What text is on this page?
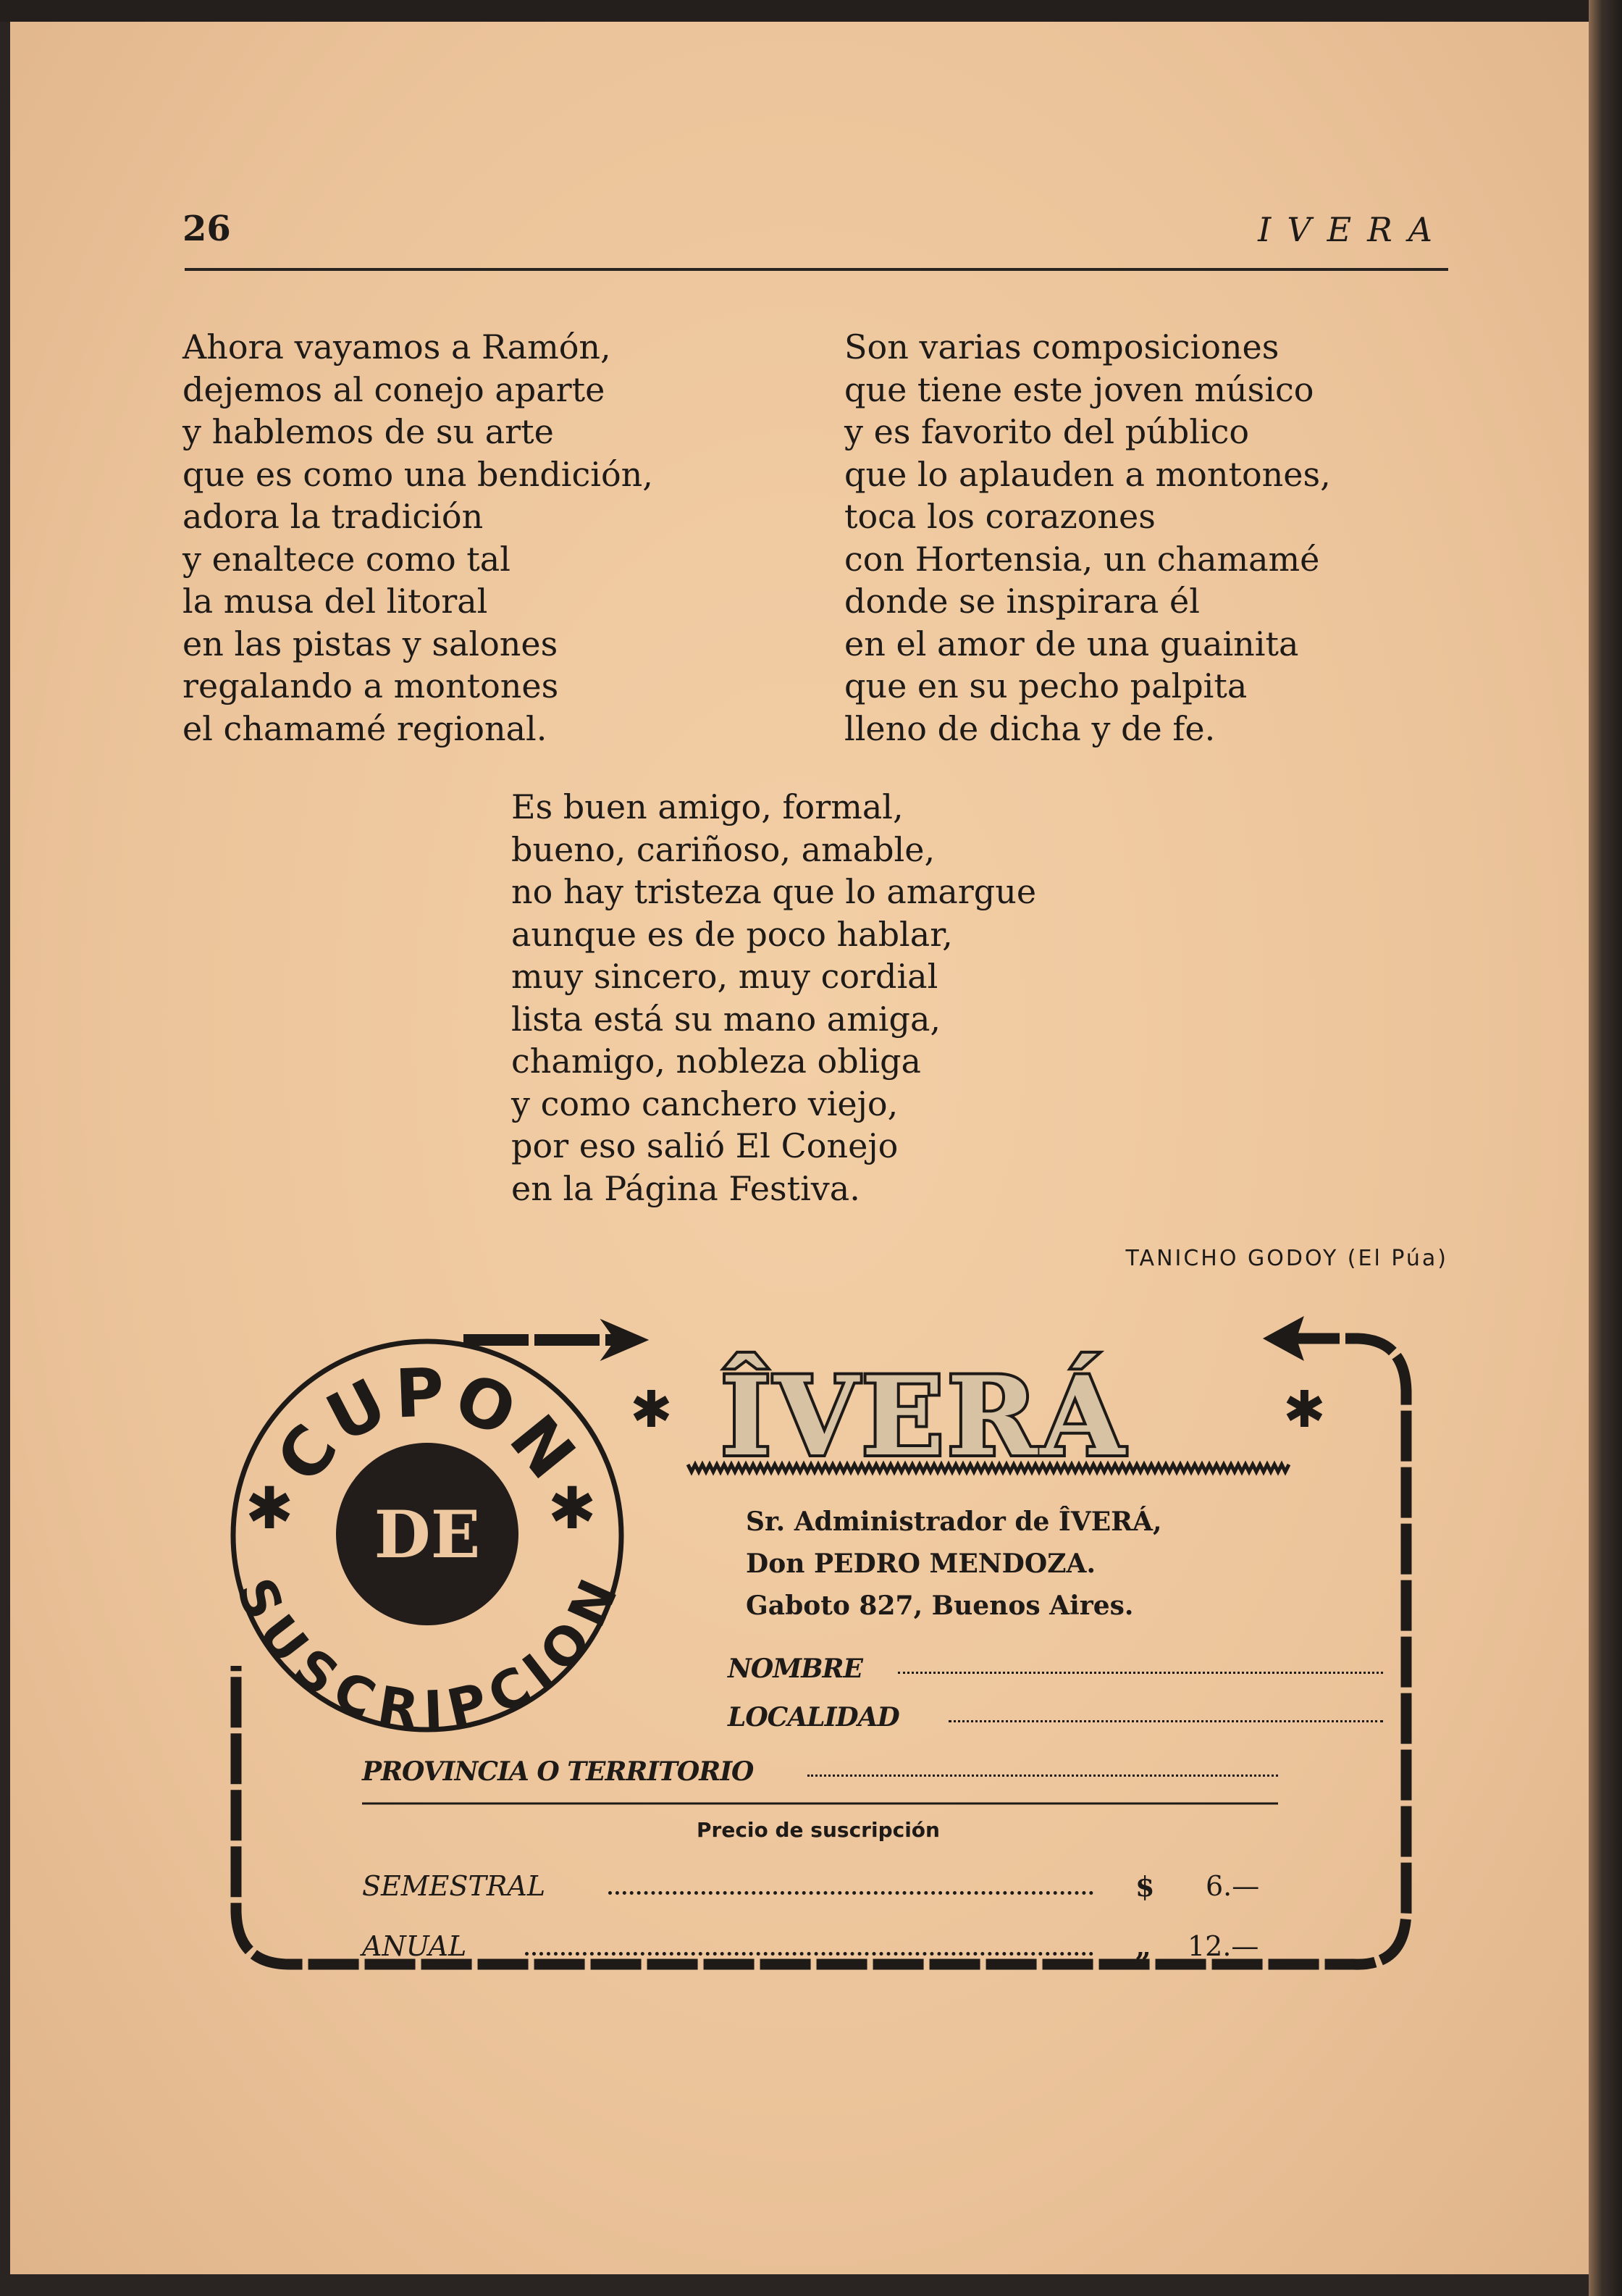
26	IVERA
Ahora vayamos a Ramón,
dejemos al conejo aparte
y hablemos de su arte
que es como una bendición,
adora la tradición
y enaltece como tal
la musa del litoral
en las pistas y salones
regalando a montones
el chamamé regional.
Son varias composiciones
que tiene este joven músico
y es favorito del público
que lo aplauden a montones,
toca los corazones
con Hortensia, un chamamé
donde se inspirara él
en el amor de una guainita
que en su pecho palpita
lleno de dicha y de fe.
Es buen amigo, formal,
bueno, cariñoso, amable,
no hay tristeza que lo amargue
aunque es de poco hablar,
muy sincero, muy cordial
lista está su mano amiga,
chamigo, nobleza obliga
y como canchero viejo,
por eso salió El Conejo
en la Página Festiva.
TANICHO GODOY (El Púa)
CUPON
SUSCRIPCION
DE
✱	✱
✱	✱
ÎVERÁ
Sr. Administrador de ÎVERÁ,
Don PEDRO MENDOZA.
Gaboto 827, Buenos Aires.
NOMBRE
LOCALIDAD
PROVINCIA O TERRITORIO
Precio de suscripción
SEMESTRAL	$ 6.—
ANUAL	„ 12.—
